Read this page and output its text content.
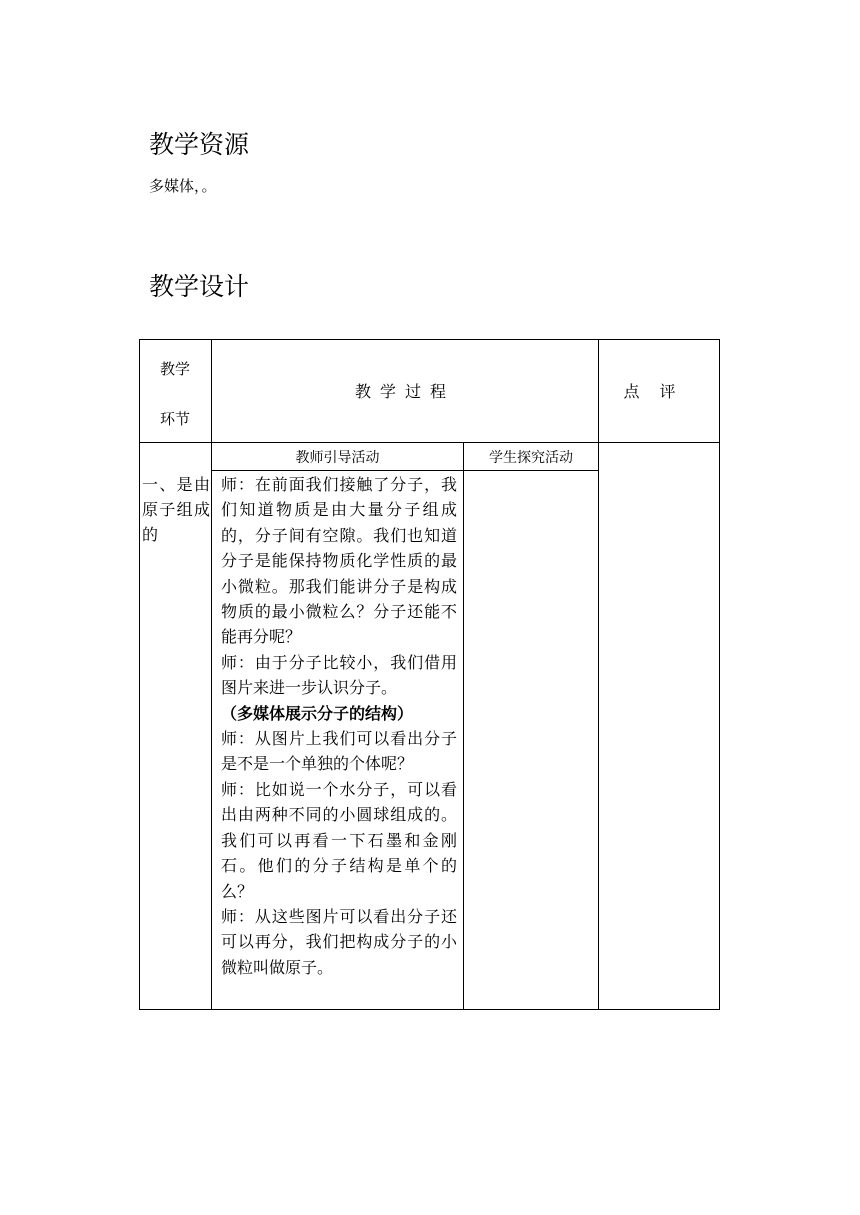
教学资源
多媒体，。
教学设计
教学
环节
教学过程	点评
教师引导活动	学生探究活动
一、是由原子组成的

师：在前面我们接触了分子，我们知道物质是由大量分子组成的，分子间有空隙。我们也知道分子是能保持物质化学性质的最小微粒。那我们能讲分子是构成物质的最小微粒么？分子还能不能再分呢？

师：由于分子比较小，我们借用图片来进一步认识分子。

（多媒体展示分子的结构）

师：从图片上我们可以看出分子是不是一个单独的个体呢？

师：比如说一个水分子，可以看出由两种不同的小圆球组成的。我们可以再看一下石墨和金刚石。他们的分子结构是单个的么？

师：从这些图片可以看出分子还可以再分，我们把构成分子的小微粒叫做原子。
